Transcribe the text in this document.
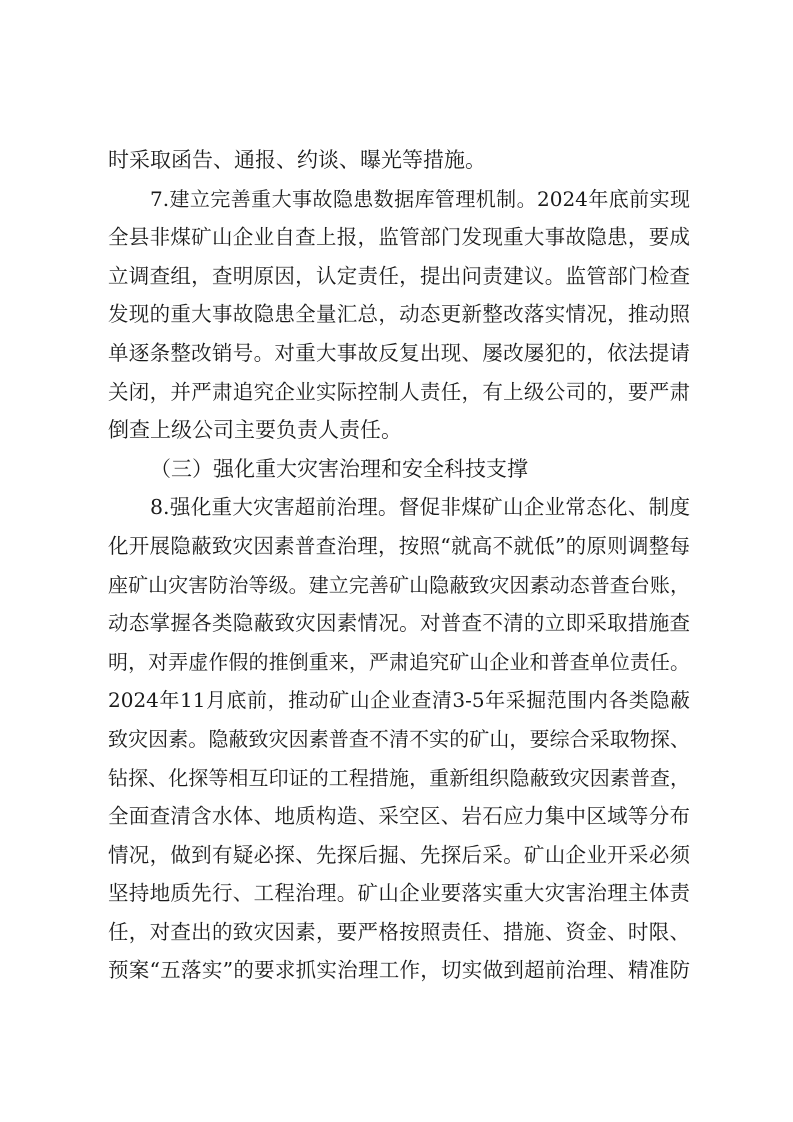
时采取函告、通报、约谈、曝光等措施。
7.建立完善重大事故隐患数据库管理机制。2024年底前实现
全县非煤矿山企业自查上报，监管部门发现重大事故隐患，要成
立调查组，查明原因，认定责任，提出问责建议。监管部门检查
发现的重大事故隐患全量汇总，动态更新整改落实情况，推动照
单逐条整改销号。对重大事故反复出现、屡改屡犯的，依法提请
关闭，并严肃追究企业实际控制人责任，有上级公司的，要严肃
倒查上级公司主要负责人责任。
（三）强化重大灾害治理和安全科技支撑
8.强化重大灾害超前治理。督促非煤矿山企业常态化、制度
化开展隐蔽致灾因素普查治理，按照“就高不就低”的原则调整每
座矿山灾害防治等级。建立完善矿山隐蔽致灾因素动态普查台账，
动态掌握各类隐蔽致灾因素情况。对普查不清的立即采取措施查
明，对弄虚作假的推倒重来，严肃追究矿山企业和普查单位责任。
2024年11月底前，推动矿山企业查清3-5年采掘范围内各类隐蔽
致灾因素。隐蔽致灾因素普查不清不实的矿山，要综合采取物探、
钻探、化探等相互印证的工程措施，重新组织隐蔽致灾因素普查，
全面查清含水体、地质构造、采空区、岩石应力集中区域等分布
情况，做到有疑必探、先探后掘、先探后采。矿山企业开采必须
坚持地质先行、工程治理。矿山企业要落实重大灾害治理主体责
任，对查出的致灾因素，要严格按照责任、措施、资金、时限、
预案“五落实”的要求抓实治理工作，切实做到超前治理、精准防
